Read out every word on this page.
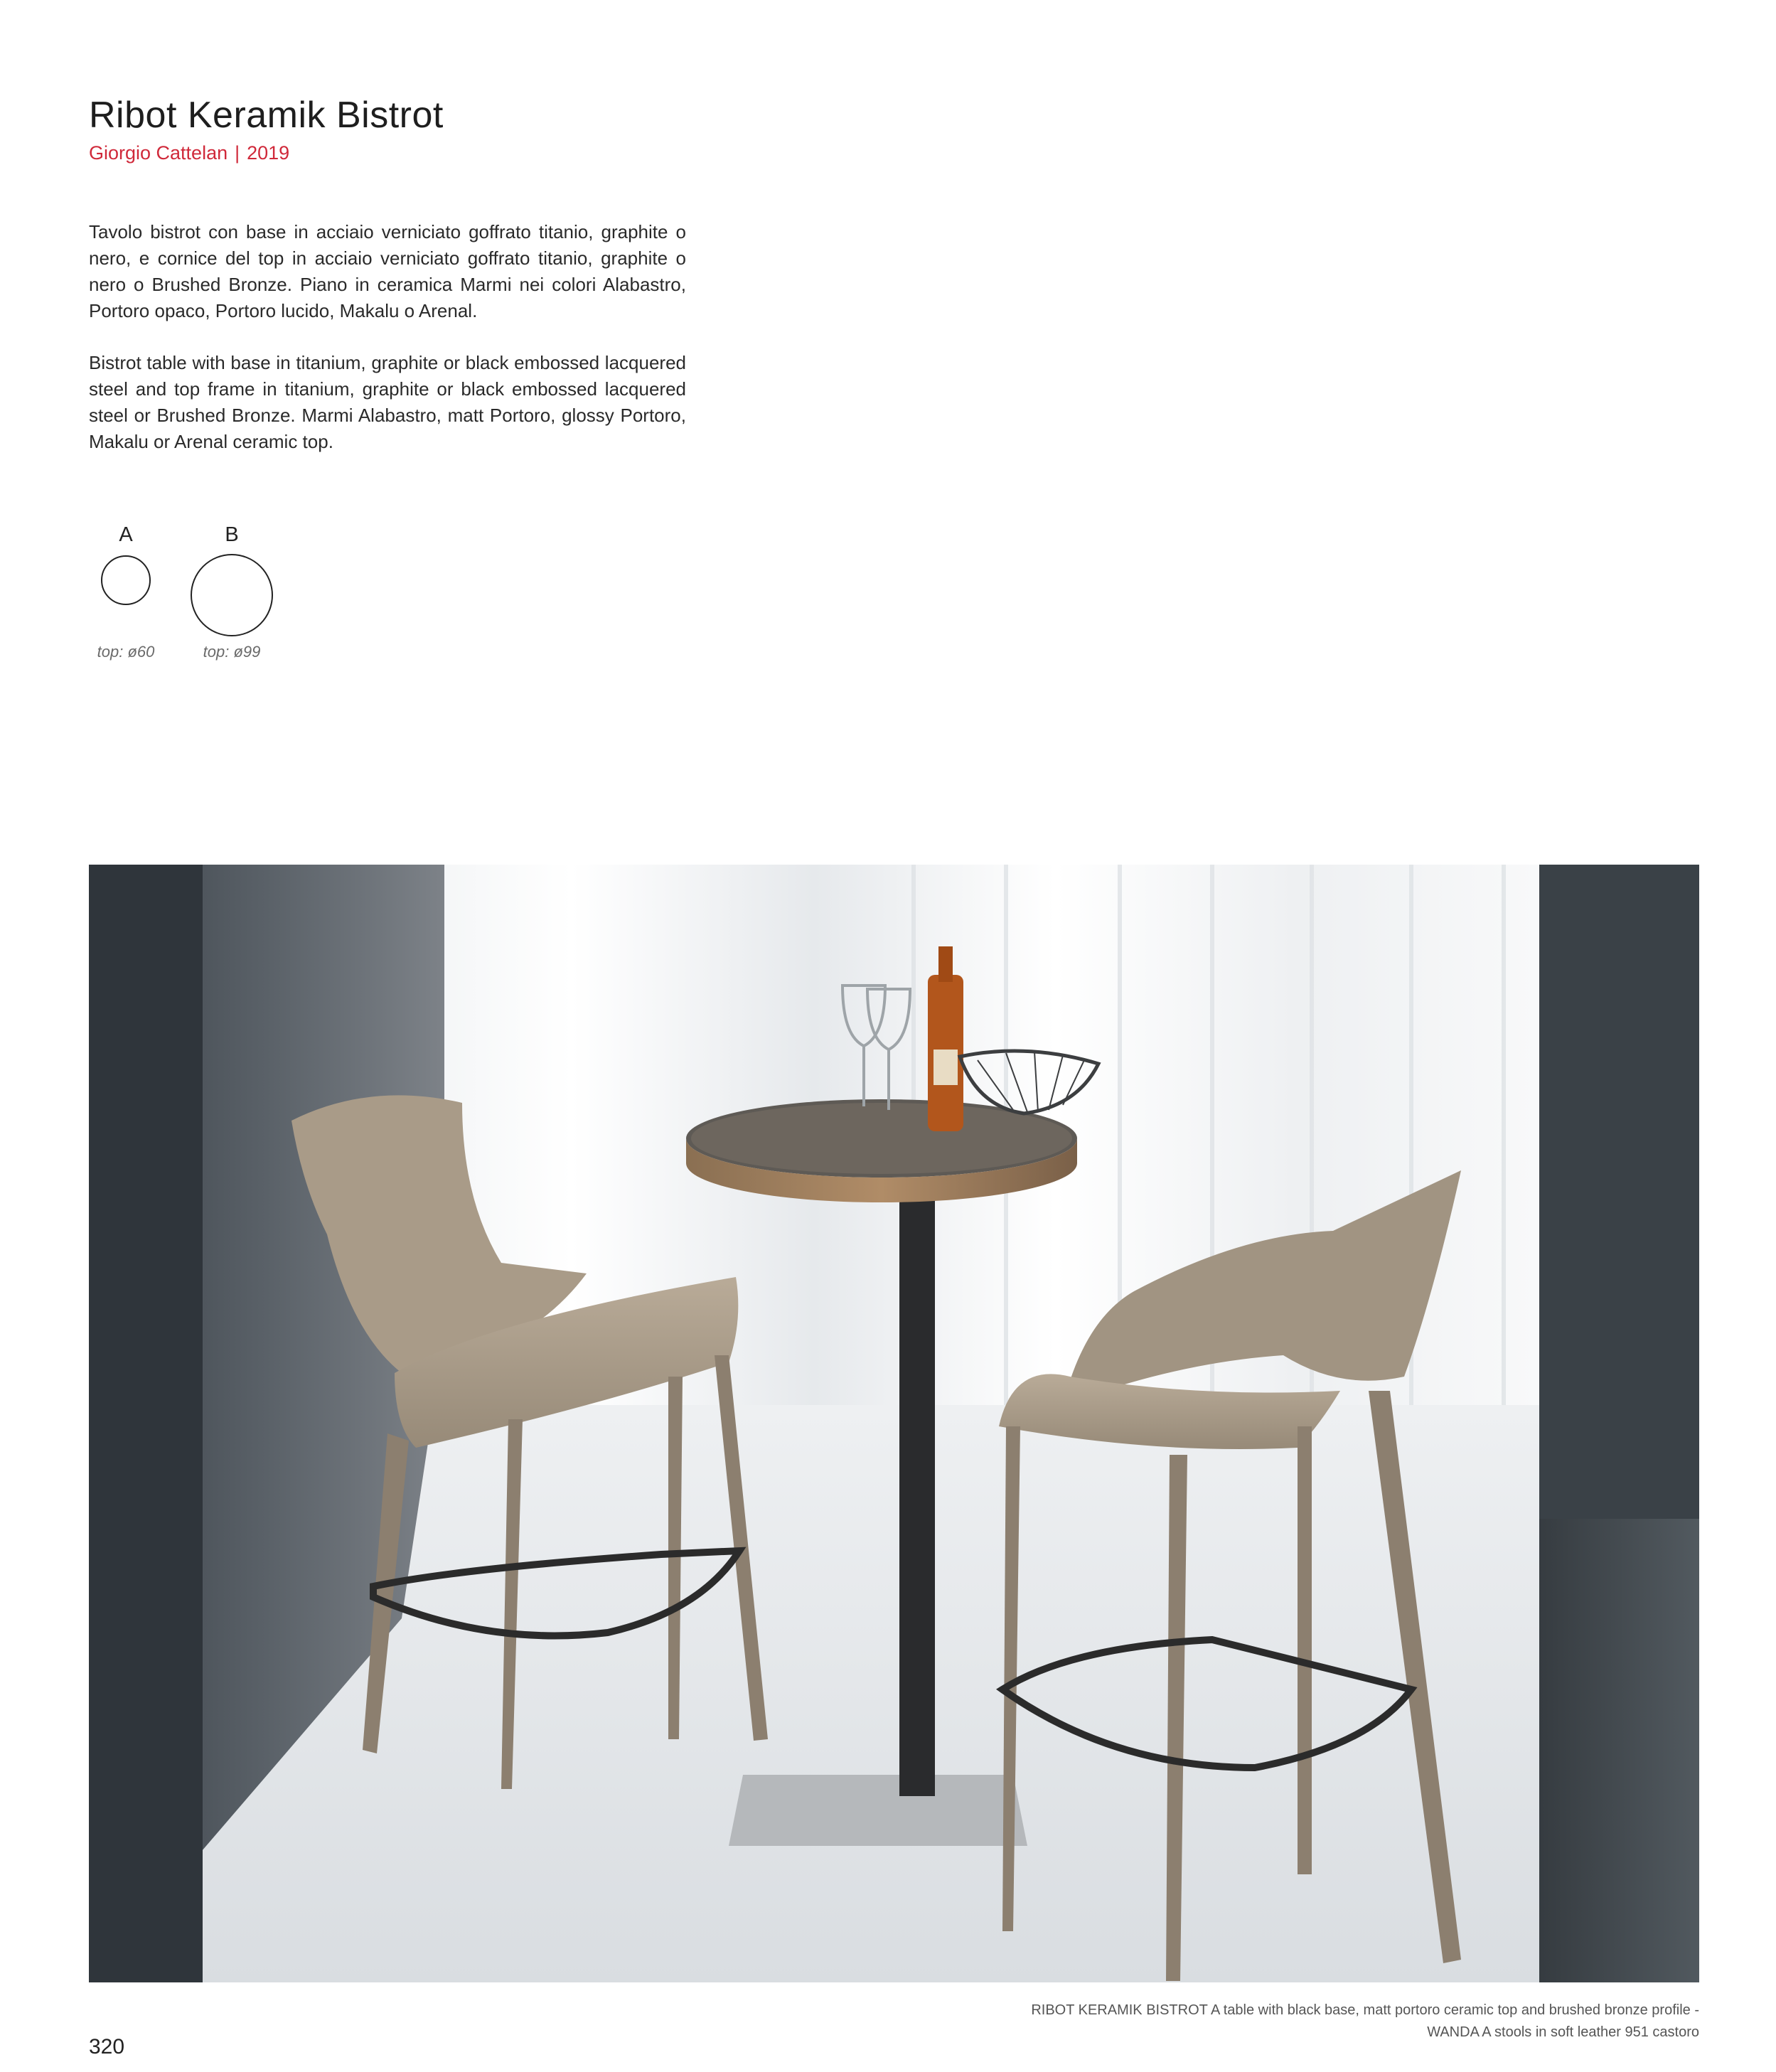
Ribot Keramik Bistrot
Giorgio Cattelan | 2019

Tavolo bistrot con base in acciaio verniciato goffrato titanio, graphite o nero, e cornice del top in acciaio verniciato goffrato titanio, graphite o nero o Brushed Bronze. Piano in ceramica Marmi nei colori Alabastro, Portoro opaco, Portoro lucido, Makalu o Arenal.

Bistrot table with base in titanium, graphite or black embossed lacquered steel and top frame in titanium, graphite or black embossed lacquered steel or Brushed Bronze. Marmi Alabastro, matt Portoro, glossy Portoro, Makalu or Arenal ceramic top.

A
top: ø60
B
top: ø99
320
RIBOT KERAMIK BISTROT A table with black base, matt portoro ceramic top and brushed bronze profile -
WANDA A stools in soft leather 951 castoro
